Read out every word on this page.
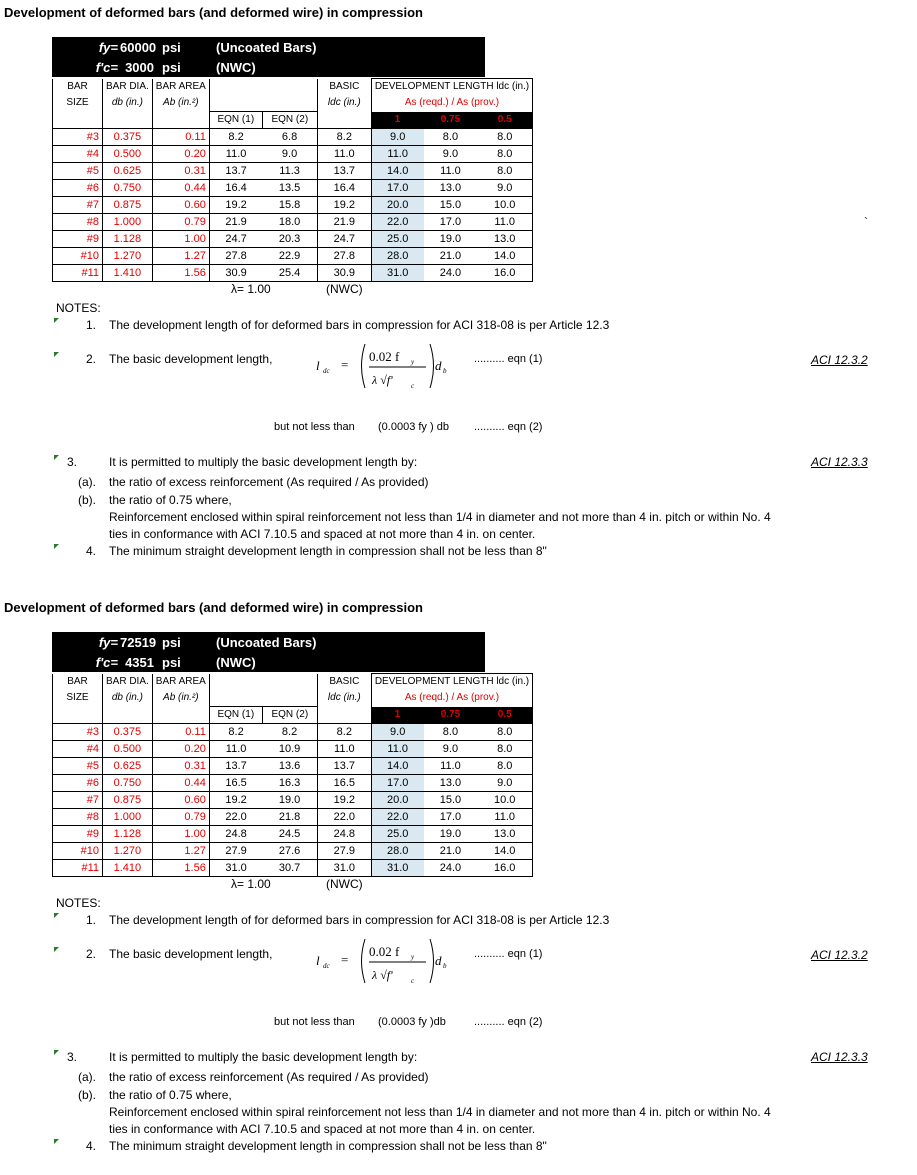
Development of deformed bars (and deformed wire) in compression
fy= 60000 psi	(Uncoated Bars)
f'c= 3000 psi	(NWC)
BAR	BAR DIA.	BAR AREA			BASIC	DEVELOPMENT LENGTH ldc (in.)		
SIZE	db (in.)	Ab (in.²)			ldc (in.)	As (reqd.) / As (prov.)		
			EQN (1)	EQN (2)		1	0.75	0.5
#3	0.375	0.11	8.2	6.8	8.2	9.0	8.0	8.0
#4	0.500	0.20	11.0	9.0	11.0	11.0	9.0	8.0
#5	0.625	0.31	13.7	11.3	13.7	14.0	11.0	8.0
#6	0.750	0.44	16.4	13.5	16.4	17.0	13.0	9.0
#7	0.875	0.60	19.2	15.8	19.2	20.0	15.0	10.0
#8	1.000	0.79	21.9	18.0	21.9	22.0	17.0	11.0
#9	1.128	1.00	24.7	20.3	24.7	25.0	19.0	13.0
#10	1.270	1.27	27.8	22.9	27.8	28.0	21.0	14.0
#11	1.410	1.56	30.9	25.4	30.9	31.0	24.0	16.0
λ= 1.00	(NWC)
NOTES:
1. The development length of for deformed bars in compression for ACI 318-08 is per Article 12.3
2. The basic development length,	l dc =
0.02 f y
λ √f'	c
d b
.......... eqn (1)	ACI 12.3.2
but not less than (0.0003 fy ) db .......... eqn (2)
3.	It is permitted to multiply the basic development length by:	ACI 12.3.3
(a). the ratio of excess reinforcement (As required / As provided)
(b). the ratio of 0.75 where,
Reinforcement enclosed within spiral reinforcement not less than 1/4 in diameter and not more than 4 in. pitch or within No. 4
ties in conformance with ACI 7.10.5 and spaced at not more than 4 in. on center.
4. The minimum straight development length in compression shall not be less than 8"
Development of deformed bars (and deformed wire) in compression
fy= 72519 psi	(Uncoated Bars)
f'c= 4351 psi	(NWC)
BAR	BAR DIA.	BAR AREA			BASIC	DEVELOPMENT LENGTH ldc (in.)		
SIZE	db (in.)	Ab (in.²)			ldc (in.)	As (reqd.) / As (prov.)		
			EQN (1)	EQN (2)		1	0.75	0.5
#3	0.375	0.11	8.2	8.2	8.2	9.0	8.0	8.0
#4	0.500	0.20	11.0	10.9	11.0	11.0	9.0	8.0
#5	0.625	0.31	13.7	13.6	13.7	14.0	11.0	8.0
#6	0.750	0.44	16.5	16.3	16.5	17.0	13.0	9.0
#7	0.875	0.60	19.2	19.0	19.2	20.0	15.0	10.0
#8	1.000	0.79	22.0	21.8	22.0	22.0	17.0	11.0
#9	1.128	1.00	24.8	24.5	24.8	25.0	19.0	13.0
#10	1.270	1.27	27.9	27.6	27.9	28.0	21.0	14.0
#11	1.410	1.56	31.0	30.7	31.0	31.0	24.0	16.0
λ= 1.00	(NWC)
NOTES:
1. The development length of for deformed bars in compression for ACI 318-08 is per Article 12.3
2. The basic development length,	l dc =
0.02 f y
λ √f'	c
d b
.......... eqn (1)	ACI 12.3.2
but not less than (0.0003 fy )db	.......... eqn (2)
3.	It is permitted to multiply the basic development length by:	ACI 12.3.3
(a). the ratio of excess reinforcement (As required / As provided)
(b). the ratio of 0.75 where,
Reinforcement enclosed within spiral reinforcement not less than 1/4 in diameter and not more than 4 in. pitch or within No. 4
ties in conformance with ACI 7.10.5 and spaced at not more than 4 in. on center.
4. The minimum straight development length in compression shall not be less than 8"
`
